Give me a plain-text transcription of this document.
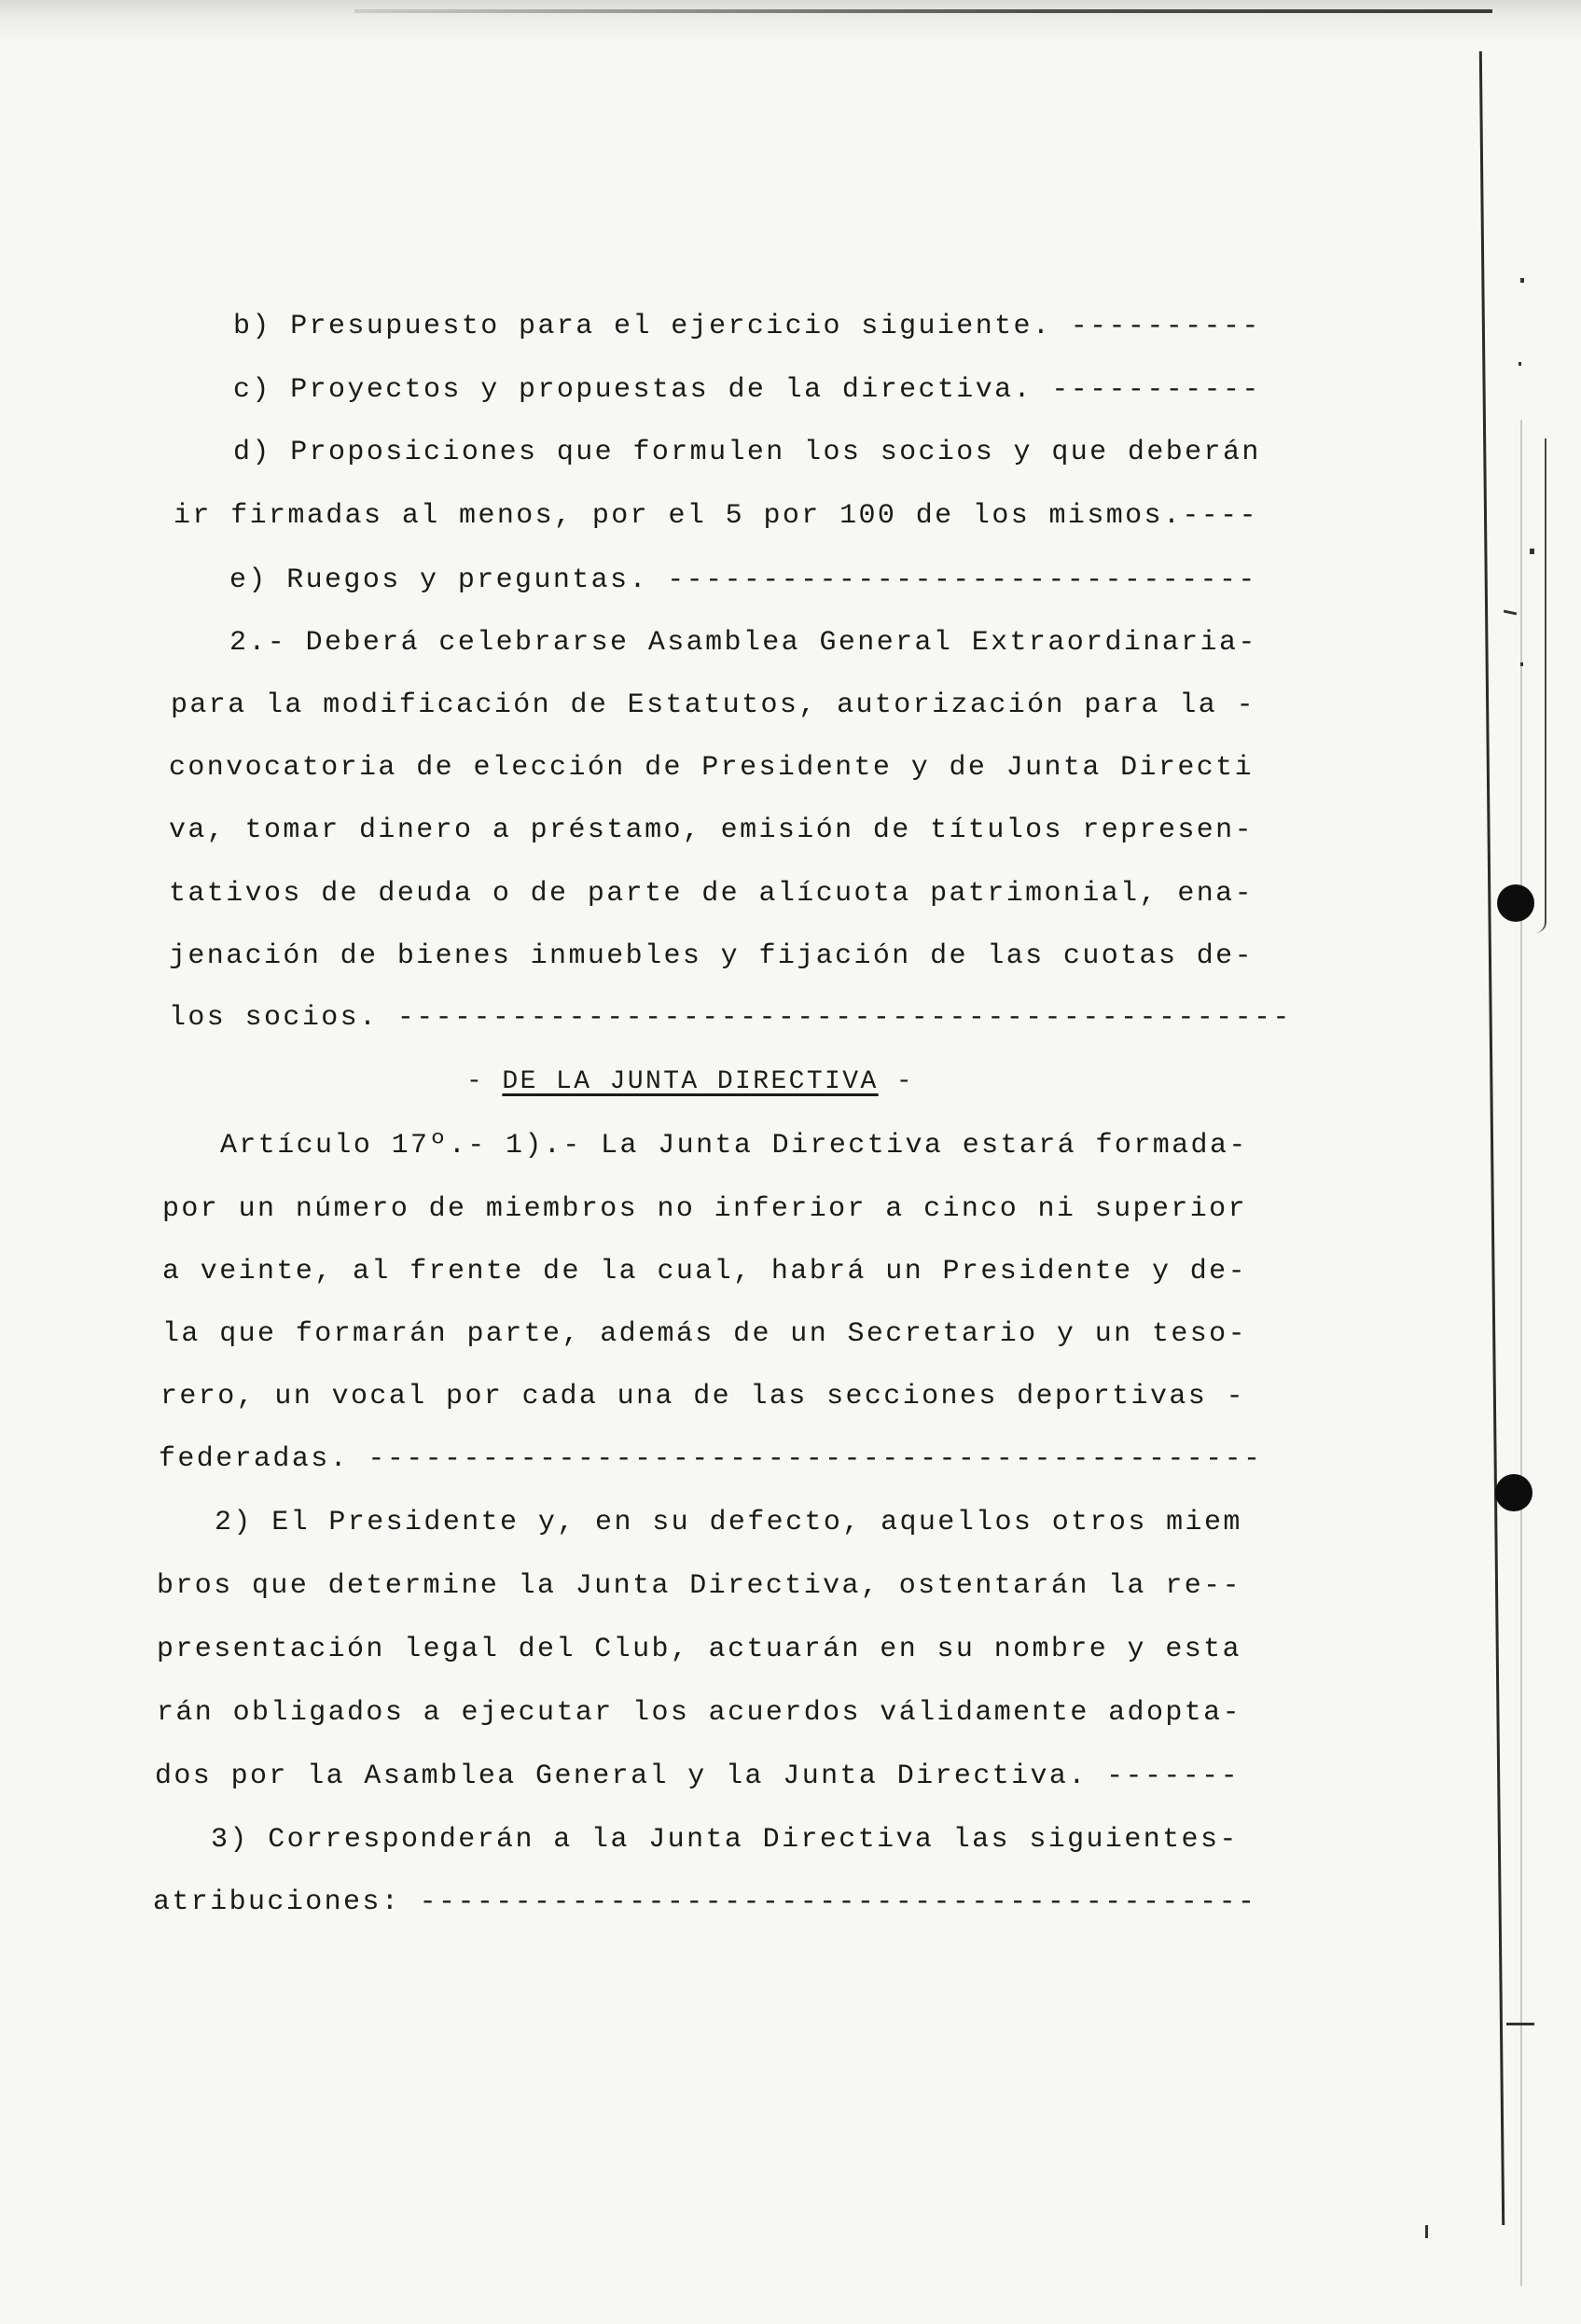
b) Presupuesto para el ejercicio siguiente. ----------
c) Proyectos y propuestas de la directiva. -----------
d) Proposiciones que formulen los socios y que deberán
ir firmadas al menos, por el 5 por 100 de los mismos.----
e) Ruegos y preguntas. -------------------------------
2.- Deberá celebrarse Asamblea General Extraordinaria-
para la modificación de Estatutos, autorización para la -
convocatoria de elección de Presidente y de Junta Directi
va, tomar dinero a préstamo, emisión de títulos represen-
tativos de deuda o de parte de alícuota patrimonial, ena-
jenación de bienes inmuebles y fijación de las cuotas de-
los socios. -----------------------------------------------
- DE LA JUNTA DIRECTIVA -
Artículo 17º.- 1).- La Junta Directiva estará formada-
por un número de miembros no inferior a cinco ni superior
a veinte, al frente de la cual, habrá un Presidente y de-
la que formarán parte, además de un Secretario y un teso-
rero, un vocal por cada una de las secciones deportivas -
federadas. -----------------------------------------------
2) El Presidente y, en su defecto, aquellos otros miem
bros que determine la Junta Directiva, ostentarán la re--
presentación legal del Club, actuarán en su nombre y esta
rán obligados a ejecutar los acuerdos válidamente adopta-
dos por la Asamblea General y la Junta Directiva. -------
3) Corresponderán a la Junta Directiva las siguientes-
atribuciones: --------------------------------------------
